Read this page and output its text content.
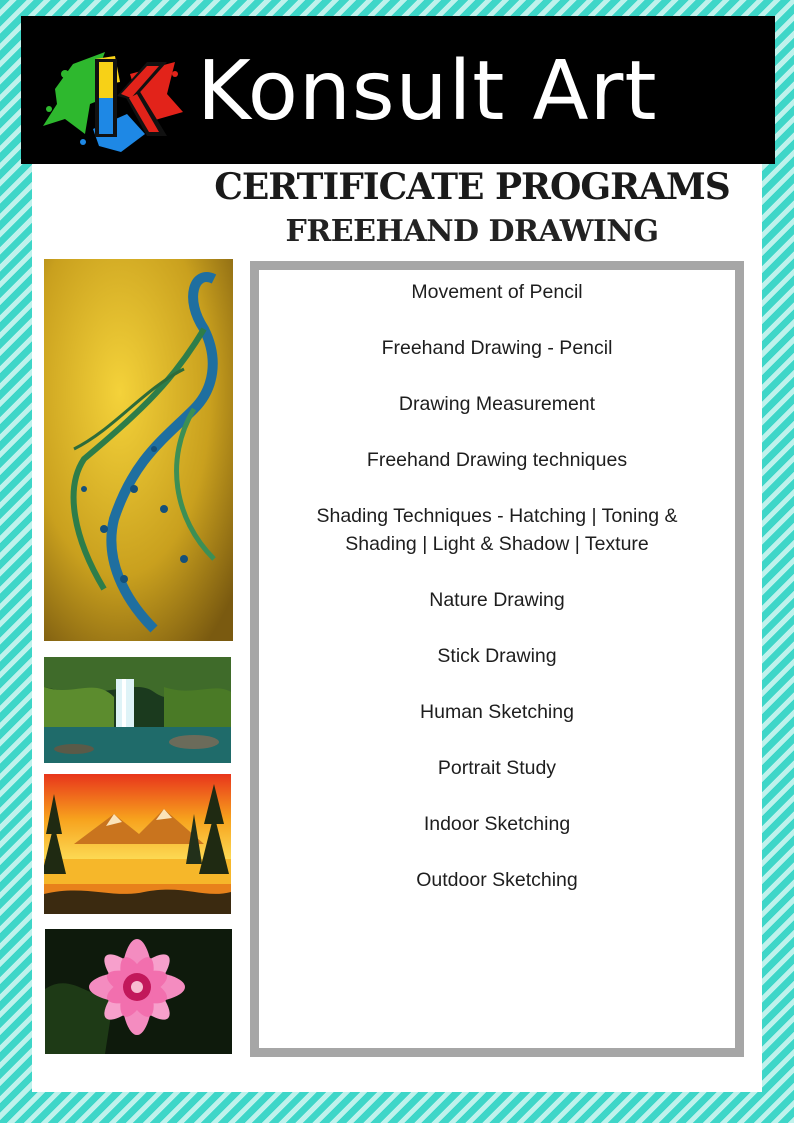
Konsult Art
CERTIFICATE PROGRAMS
FREEHAND DRAWING
Movement of Pencil
Freehand Drawing - Pencil
Drawing Measurement
Freehand Drawing techniques
Shading Techniques - Hatching | Toning & Shading | Light & Shadow | Texture
Nature Drawing
Stick Drawing
Human Sketching
Portrait Study
Indoor Sketching
Outdoor Sketching
